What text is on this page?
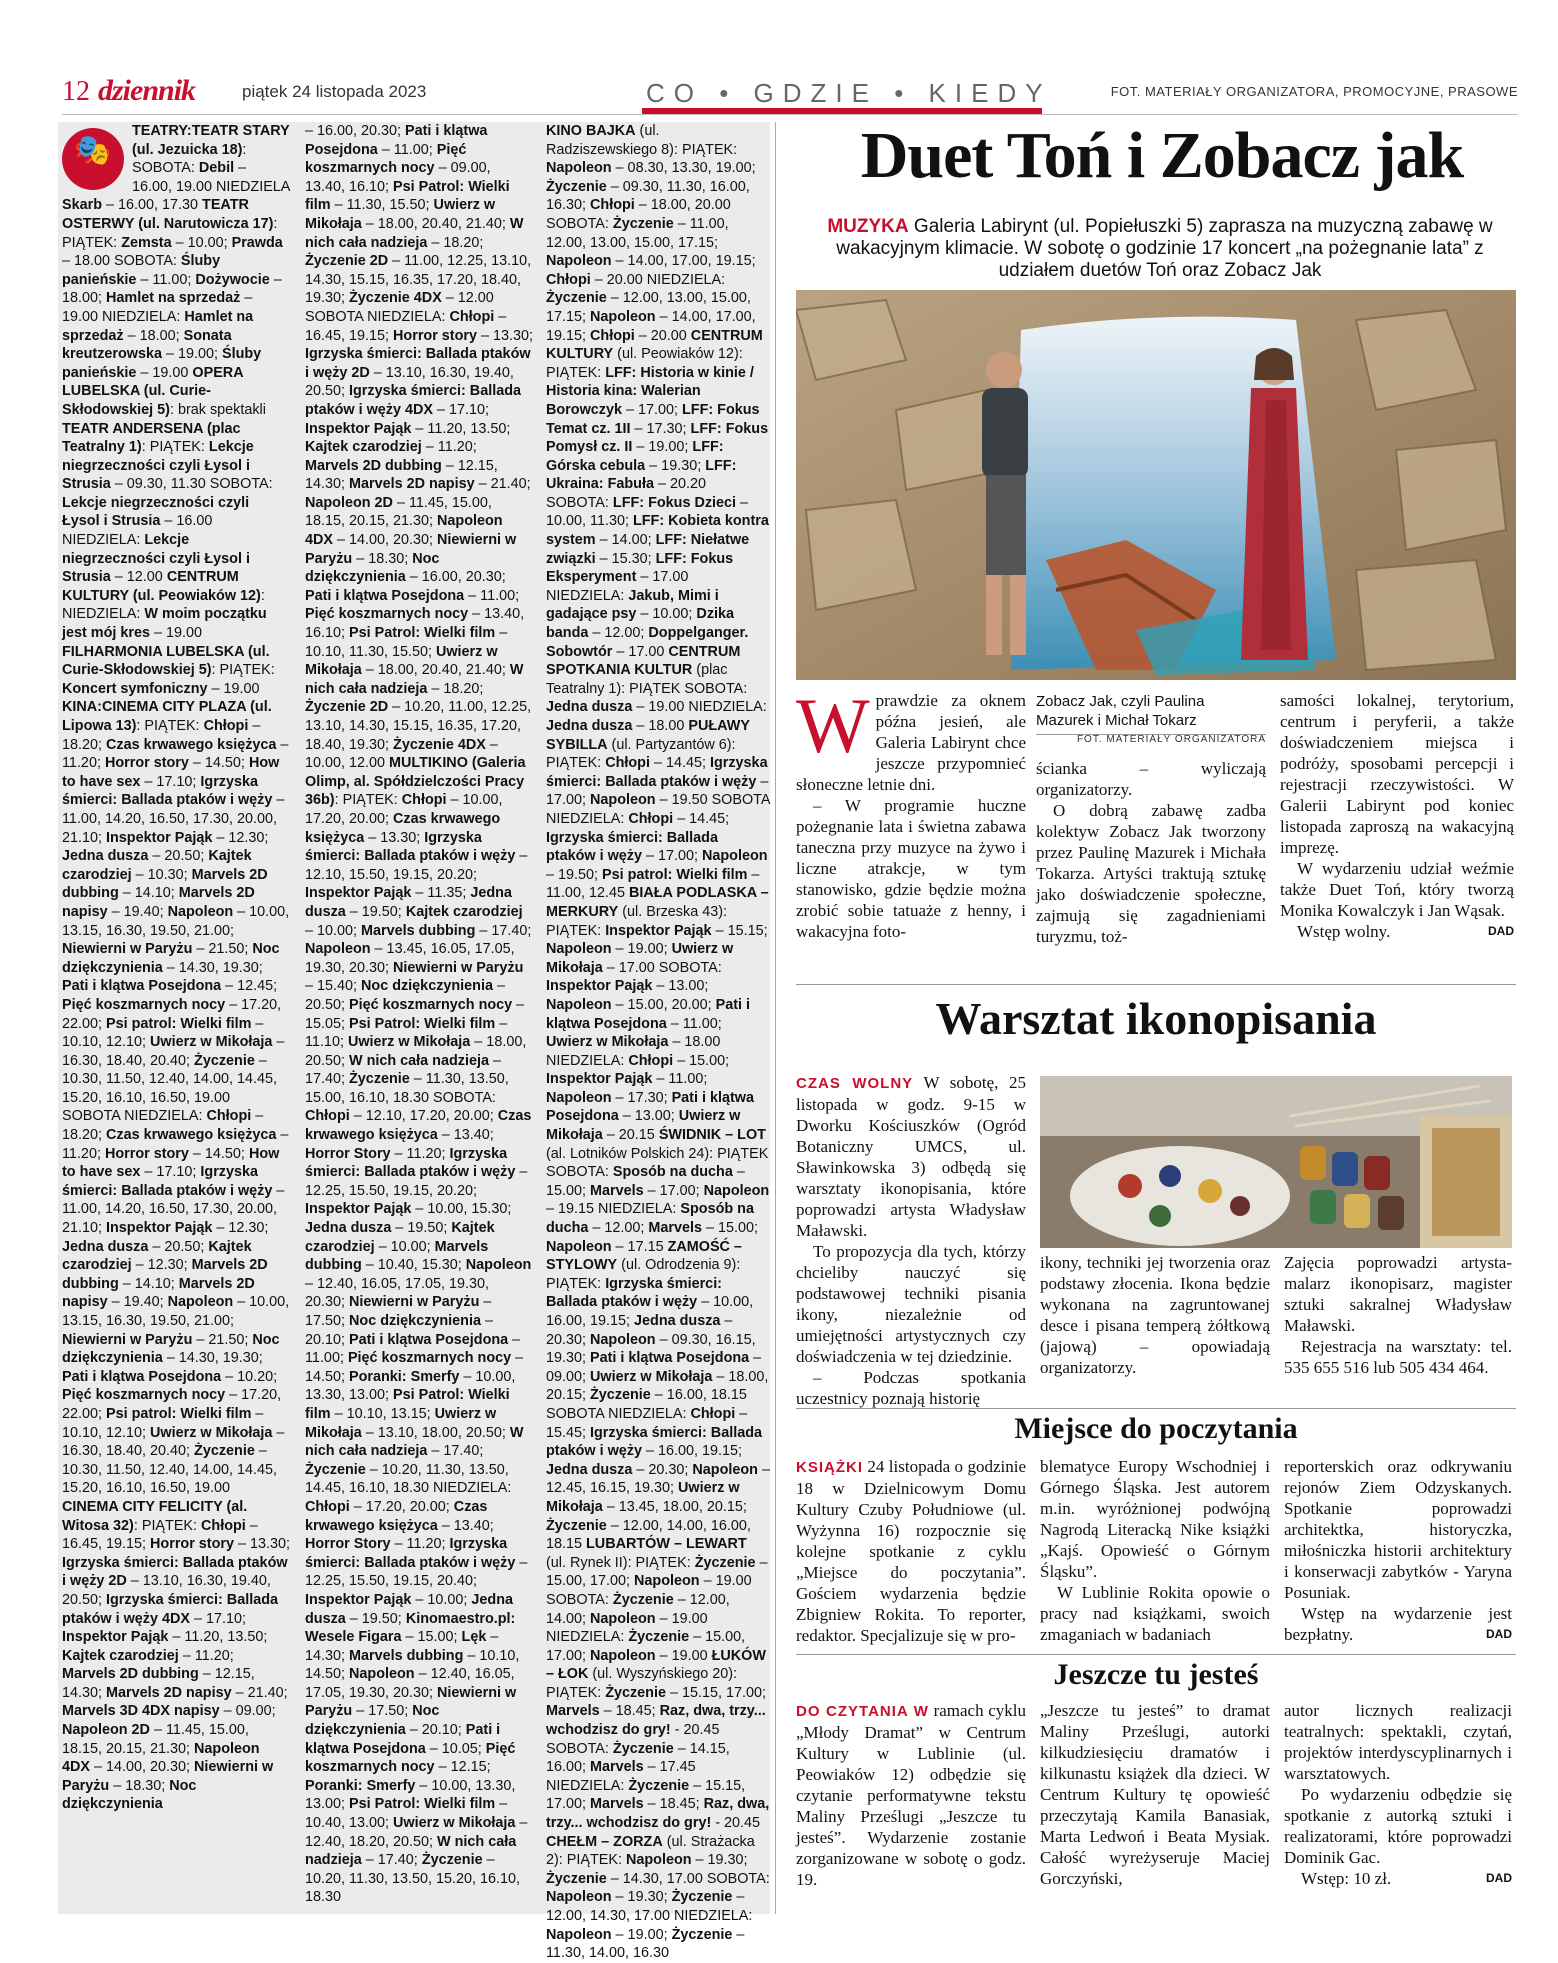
12 dziennik	piątek 24 listopada 2023	CO • GDZIE • KIEDY	FOT. MATERIAŁY ORGANIZATORA, PROMOCYJNE, PRASOWE
🎭
TEATRY:TEATR STARY (ul. Jezuicka 18): SOBOTA: Debil – 16.00, 19.00 NIEDZIELA Skarb – 16.00, 17.30 TEATR OSTERWY (ul. Narutowicza 17): PIĄTEK: Zemsta – 10.00; Prawda – 18.00 SOBOTA: Śluby panieńskie – 11.00; Dożywocie – 18.00; Hamlet na sprzedaż – 19.00 NIEDZIELA: Hamlet na sprzedaż – 18.00; Sonata kreutzerowska – 19.00; Śluby panieńskie – 19.00 OPERA LUBELSKA (ul. Curie-Skłodowskiej 5): brak spektakli TEATR ANDERSENA (plac Teatralny 1): PIĄTEK: Lekcje niegrzeczności czyli Łysol i Strusia – 09.30, 11.30 SOBOTA: Lekcje niegrzeczności czyli Łysol i Strusia – 16.00 NIEDZIELA: Lekcje niegrzeczności czyli Łysol i Strusia – 12.00 CENTRUM KULTURY (ul. Peowiaków 12): NIEDZIELA: W moim początku jest mój kres – 19.00 FILHARMONIA LUBELSKA (ul. Curie-Skłodowskiej 5): PIĄTEK: Koncert symfoniczny – 19.00 KINA:CINEMA CITY PLAZA (ul. Lipowa 13): PIĄTEK: Chłopi – 18.20; Czas krwawego księżyca – 11.20; Horror story – 14.50; How to have sex – 17.10; Igrzyska śmierci: Ballada ptaków i węży – 11.00, 14.20, 16.50, 17.30, 20.00, 21.10; Inspektor Pająk – 12.30; Jedna dusza – 20.50; Kajtek czarodziej – 10.30; Marvels 2D dubbing – 14.10; Marvels 2D napisy – 19.40; Napoleon – 10.00, 13.15, 16.30, 19.50, 21.00; Niewierni w Paryżu – 21.50; Noc dziękczynienia – 14.30, 19.30; Pati i klątwa Posejdona – 12.45; Pięć koszmarnych nocy – 17.20, 22.00; Psi patrol: Wielki film – 10.10, 12.10; Uwierz w Mikołaja – 16.30, 18.40, 20.40; Życzenie – 10.30, 11.50, 12.40, 14.00, 14.45, 15.20, 16.10, 16.50, 19.00 SOBOTA NIEDZIELA: Chłopi – 18.20; Czas krwawego księżyca – 11.20; Horror story – 14.50; How to have sex – 17.10; Igrzyska śmierci: Ballada ptaków i węży – 11.00, 14.20, 16.50, 17.30, 20.00, 21.10; Inspektor Pająk – 12.30; Jedna dusza – 20.50; Kajtek czarodziej – 12.30; Marvels 2D dubbing – 14.10; Marvels 2D napisy – 19.40; Napoleon – 10.00, 13.15, 16.30, 19.50, 21.00; Niewierni w Paryżu – 21.50; Noc dziękczynienia – 14.30, 19.30; Pati i klątwa Posejdona – 10.20; Pięć koszmarnych nocy – 17.20, 22.00; Psi patrol: Wielki film – 10.10, 12.10; Uwierz w Mikołaja – 16.30, 18.40, 20.40; Życzenie – 10.30, 11.50, 12.40, 14.00, 14.45, 15.20, 16.10, 16.50, 19.00 CINEMA CITY FELICITY (al. Witosa 32): PIĄTEK: Chłopi – 16.45, 19.15; Horror story – 13.30; Igrzyska śmierci: Ballada ptaków i węży 2D – 13.10, 16.30, 19.40, 20.50; Igrzyska śmierci: Ballada ptaków i węży 4DX – 17.10; Inspektor Pająk – 11.20, 13.50; Kajtek czarodziej – 11.20; Marvels 2D dubbing – 12.15, 14.30; Marvels 2D napisy – 21.40; Marvels 3D 4DX napisy – 09.00; Napoleon 2D – 11.45, 15.00, 18.15, 20.15, 21.30; Napoleon 4DX – 14.00, 20.30; Niewierni w Paryżu – 18.30; Noc dziękczynienia
– 16.00, 20.30; Pati i klątwa Posejdona – 11.00; Pięć koszmarnych nocy – 09.00, 13.40, 16.10; Psi Patrol: Wielki film – 11.30, 15.50; Uwierz w Mikołaja – 18.00, 20.40, 21.40; W nich cała nadzieja – 18.20; Życzenie 2D – 11.00, 12.25, 13.10, 14.30, 15.15, 16.35, 17.20, 18.40, 19.30; Życzenie 4DX – 12.00 SOBOTA NIEDZIELA: Chłopi – 16.45, 19.15; Horror story – 13.30; Igrzyska śmierci: Ballada ptaków i węży 2D – 13.10, 16.30, 19.40, 20.50; Igrzyska śmierci: Ballada ptaków i węży 4DX – 17.10; Inspektor Pająk – 11.20, 13.50; Kajtek czarodziej – 11.20; Marvels 2D dubbing – 12.15, 14.30; Marvels 2D napisy – 21.40; Napoleon 2D – 11.45, 15.00, 18.15, 20.15, 21.30; Napoleon 4DX – 14.00, 20.30; Niewierni w Paryżu – 18.30; Noc dziękczynienia – 16.00, 20.30; Pati i klątwa Posejdona – 11.00; Pięć koszmarnych nocy – 13.40, 16.10; Psi Patrol: Wielki film – 10.10, 11.30, 15.50; Uwierz w Mikołaja – 18.00, 20.40, 21.40; W nich cała nadzieja – 18.20; Życzenie 2D – 10.20, 11.00, 12.25, 13.10, 14.30, 15.15, 16.35, 17.20, 18.40, 19.30; Życzenie 4DX – 10.00, 12.00 MULTIKINO (Galeria Olimp, al. Spółdzielczości Pracy 36b): PIĄTEK: Chłopi – 10.00, 17.20, 20.00; Czas krwawego księżyca – 13.30; Igrzyska śmierci: Ballada ptaków i węży – 12.10, 15.50, 19.15, 20.20; Inspektor Pająk – 11.35; Jedna dusza – 19.50; Kajtek czarodziej – 10.00; Marvels dubbing – 17.40; Napoleon – 13.45, 16.05, 17.05, 19.30, 20.30; Niewierni w Paryżu – 15.40; Noc dziękczynienia – 20.50; Pięć koszmarnych nocy – 15.05; Psi Patrol: Wielki film – 11.10; Uwierz w Mikołaja – 18.00, 20.50; W nich cała nadzieja – 17.40; Życzenie – 11.30, 13.50, 15.00, 16.10, 18.30 SOBOTA: Chłopi – 12.10, 17.20, 20.00; Czas krwawego księżyca – 13.40; Horror Story – 11.20; Igrzyska śmierci: Ballada ptaków i węży – 12.25, 15.50, 19.15, 20.20; Inspektor Pająk – 10.00, 15.30; Jedna dusza – 19.50; Kajtek czarodziej – 10.00; Marvels dubbing – 10.40, 15.30; Napoleon – 12.40, 16.05, 17.05, 19.30, 20.30; Niewierni w Paryżu – 17.50; Noc dziękczynienia – 20.10; Pati i klątwa Posejdona – 11.00; Pięć koszmarnych nocy – 14.50; Poranki: Smerfy – 10.00, 13.30, 13.00; Psi Patrol: Wielki film – 10.10, 13.15; Uwierz w Mikołaja – 13.10, 18.00, 20.50; W nich cała nadzieja – 17.40; Życzenie – 10.20, 11.30, 13.50, 14.45, 16.10, 18.30 NIEDZIELA: Chłopi – 17.20, 20.00; Czas krwawego księżyca – 13.40; Horror Story – 11.20; Igrzyska śmierci: Ballada ptaków i węży – 12.25, 15.50, 19.15, 20.40; Inspektor Pająk – 10.00; Jedna dusza – 19.50; Kinomaestro.pl: Wesele Figara – 15.00; Lęk – 14.30; Marvels dubbing – 10.10, 14.50; Napoleon – 12.40, 16.05, 17.05, 19.30, 20.30; Niewierni w Paryżu – 17.50; Noc dziękczynienia – 20.10; Pati i klątwa Posejdona – 10.05; Pięć koszmarnych nocy – 12.15; Poranki: Smerfy – 10.00, 13.30, 13.00; Psi Patrol: Wielki film – 10.40, 13.00; Uwierz w Mikołaja – 12.40, 18.20, 20.50; W nich cała nadzieja – 17.40; Życzenie – 10.20, 11.30, 13.50, 15.20, 16.10, 18.30
KINO BAJKA (ul. Radziszewskiego 8): PIĄTEK: Napoleon – 08.30, 13.30, 19.00; Życzenie – 09.30, 11.30, 16.00, 16.30; Chłopi – 18.00, 20.00 SOBOTA: Życzenie – 11.00, 12.00, 13.00, 15.00, 17.15; Napoleon – 14.00, 17.00, 19.15; Chłopi – 20.00 NIEDZIELA: Życzenie – 12.00, 13.00, 15.00, 17.15; Napoleon – 14.00, 17.00, 19.15; Chłopi – 20.00 CENTRUM KULTURY (ul. Peowiaków 12): PIĄTEK: LFF: Historia w kinie / Historia kina: Walerian Borowczyk – 17.00; LFF: Fokus Temat cz. 1II – 17.30; LFF: Fokus Pomysł cz. II – 19.00; LFF: Górska cebula – 19.30; LFF: Ukraina: Fabuła – 20.20 SOBOTA: LFF: Fokus Dzieci – 10.00, 11.30; LFF: Kobieta kontra system – 14.00; LFF: Niełatwe związki – 15.30; LFF: Fokus Eksperyment – 17.00 NIEDZIELA: Jakub, Mimi i gadające psy – 10.00; Dzika banda – 12.00; Doppelganger. Sobowtór – 17.00 CENTRUM SPOTKANIA KULTUR (plac Teatralny 1): PIĄTEK SOBOTA: Jedna dusza – 19.00 NIEDZIELA: Jedna dusza – 18.00 PUŁAWY SYBILLA (ul. Partyzantów 6): PIĄTEK: Chłopi – 14.45; Igrzyska śmierci: Ballada ptaków i węży – 17.00; Napoleon – 19.50 SOBOTA NIEDZIELA: Chłopi – 14.45; Igrzyska śmierci: Ballada ptaków i węży – 17.00; Napoleon – 19.50; Psi patrol: Wielki film – 11.00, 12.45 BIAŁA PODLASKA – MERKURY (ul. Brzeska 43): PIĄTEK: Inspektor Pająk – 15.15; Napoleon – 19.00; Uwierz w Mikołaja – 17.00 SOBOTA: Inspektor Pająk – 13.00; Napoleon – 15.00, 20.00; Pati i klątwa Posejdona – 11.00; Uwierz w Mikołaja – 18.00 NIEDZIELA: Chłopi – 15.00; Inspektor Pająk – 11.00; Napoleon – 17.30; Pati i klątwa Posejdona – 13.00; Uwierz w Mikołaja – 20.15 ŚWIDNIK – LOT (al. Lotników Polskich 24): PIĄTEK SOBOTA: Sposób na ducha – 15.00; Marvels – 17.00; Napoleon – 19.15 NIEDZIELA: Sposób na ducha – 12.00; Marvels – 15.00; Napoleon – 17.15 ZAMOŚĆ – STYLOWY (ul. Odrodzenia 9): PIĄTEK: Igrzyska śmierci: Ballada ptaków i węży – 10.00, 16.00, 19.15; Jedna dusza – 20.30; Napoleon – 09.30, 16.15, 19.30; Pati i klątwa Posejdona – 09.00; Uwierz w Mikołaja – 18.00, 20.15; Życzenie – 16.00, 18.15 SOBOTA NIEDZIELA: Chłopi – 15.45; Igrzyska śmierci: Ballada ptaków i węży – 16.00, 19.15; Jedna dusza – 20.30; Napoleon – 12.45, 16.15, 19.30; Uwierz w Mikołaja – 13.45, 18.00, 20.15; Życzenie – 12.00, 14.00, 16.00, 18.15 LUBARTÓW – LEWART (ul. Rynek II): PIĄTEK: Życzenie – 15.00, 17.00; Napoleon – 19.00 SOBOTA: Życzenie – 12.00, 14.00; Napoleon – 19.00 NIEDZIELA: Życzenie – 15.00, 17.00; Napoleon – 19.00 ŁUKÓW – ŁOK (ul. Wyszyńskiego 20): PIĄTEK: Życzenie – 15.15, 17.00; Marvels – 18.45; Raz, dwa, trzy... wchodzisz do gry! - 20.45 SOBOTA: Życzenie – 14.15, 16.00; Marvels – 17.45 NIEDZIELA: Życzenie – 15.15, 17.00; Marvels – 18.45; Raz, dwa, trzy... wchodzisz do gry! - 20.45 CHEŁM – ZORZA (ul. Strażacka 2): PIĄTEK: Napoleon – 19.30; Życzenie – 14.30, 17.00 SOBOTA: Napoleon – 19.30; Życzenie – 12.00, 14.30, 17.00 NIEDZIELA: Napoleon – 19.00; Życzenie – 11.30, 14.00, 16.30
Duet Toń i Zobacz jak
MUZYKA Galeria Labirynt (ul. Popiełuszki 5) zaprasza na muzyczną zabawę w wakacyjnym klimacie. W sobotę o godzinie 17 koncert „na pożegnanie lata” z udziałem duetów Toń oraz Zobacz Jak
Wprawdzie za oknem późna jesień, ale Galeria Labirynt chce jeszcze przypomnieć słoneczne letnie dni.
 – W programie huczne pożegnanie lata i świetna zabawa taneczna przy muzyce na żywo i liczne atrakcje, w tym stanowisko, gdzie będzie można zrobić sobie tatuaże z henny, i wakacyjna foto-
Zobacz Jak, czyli Paulina Mazurek i Michał Tokarz
FOT. MATERIAŁY ORGANIZATORA
ścianka – wyliczają organizatorzy.
 O dobrą zabawę zadba kolektyw Zobacz Jak tworzony przez Paulinę Mazurek i Michała Tokarza. Artyści traktują sztukę jako doświadczenie społeczne, zajmują się zagadnieniami turyzmu, toż-
samości lokalnej, terytorium, centrum i peryferii, a także doświadczeniem miejsca i podróży, sposobami percepcji i rejestracji rzeczywistości. W Galerii Labirynt pod koniec listopada zaproszą na wakacyjną imprezę.
 W wydarzeniu udział weźmie także Duet Toń, który tworzą Monika Kowalczyk i Jan Wąsak.
 Wstęp wolny.	DAD
Warsztat ikonopisania
CZAS WOLNY W sobotę, 25 listopada w godz. 9-15 w Dworku Kościuszków (Ogród Botaniczny UMCS, ul. Sławinkowska 3) odbędą się warsztaty ikonopisania, które poprowadzi artysta Władysław Maławski.
 To propozycja dla tych, którzy chcieliby nauczyć się podstawowej techniki pisania ikony, niezależnie od umiejętności artystycznych czy doświadczenia w tej dziedzinie.
 – Podczas spotkania uczestnicy poznają historię
ikony, techniki jej tworzenia oraz podstawy złocenia. Ikona będzie wykonana na zagruntowanej desce i pisana temperą żółtkową (jajową) – opowiadają organizatorzy.
Zajęcia poprowadzi artysta-malarz ikonopisarz, magister sztuki sakralnej Władysław Maławski.
 Rejestracja na warsztaty: tel. 535 655 516 lub 505 434 464.
Miejsce do poczytania
KSIĄŻKI 24 listopada o godzinie 18 w Dzielnicowym Domu Kultury Czuby Południowe (ul. Wyżynna 16) rozpocznie się kolejne spotkanie z cyklu „Miejsce do poczytania”. Gościem wydarzenia będzie Zbigniew Rokita. To reporter, redaktor. Specjalizuje się w pro-
blematyce Europy Wschodniej i Górnego Śląska. Jest autorem m.in. wyróżnionej podwójną Nagrodą Literacką Nike książki „Kajś. Opowieść o Górnym Śląsku”.
 W Lublinie Rokita opowie o pracy nad książkami, swoich zmaganiach w badaniach
reporterskich oraz odkrywaniu rejonów Ziem Odzyskanych. Spotkanie poprowadzi architektka, historyczka, miłośniczka historii architektury i konserwacji zabytków - Yaryna Posuniak.
 Wstęp na wydarzenie jest bezpłatny.	DAD
Jeszcze tu jesteś
DO CZYTANIA W ramach cyklu „Młody Dramat” w Centrum Kultury w Lublinie (ul. Peowiaków 12) odbędzie się czytanie performatywne tekstu Maliny Prześlugi „Jeszcze tu jesteś”. Wydarzenie zostanie zorganizowane w sobotę o godz. 19.
„Jeszcze tu jesteś” to dramat Maliny Prześlugi, autorki kilkudziesięciu dramatów i kilkunastu książek dla dzieci. W Centrum Kultury tę opowieść przeczytają Kamila Banasiak, Marta Ledwoń i Beata Mysiak. Całość wyreżyseruje Maciej Gorczyński,
autor licznych realizacji teatralnych: spektakli, czytań, projektów interdyscyplinarnych i warsztatowych.
 Po wydarzeniu odbędzie się spotkanie z autorką sztuki i realizatorami, które poprowadzi Dominik Gac.
 Wstęp: 10 zł.	DAD
